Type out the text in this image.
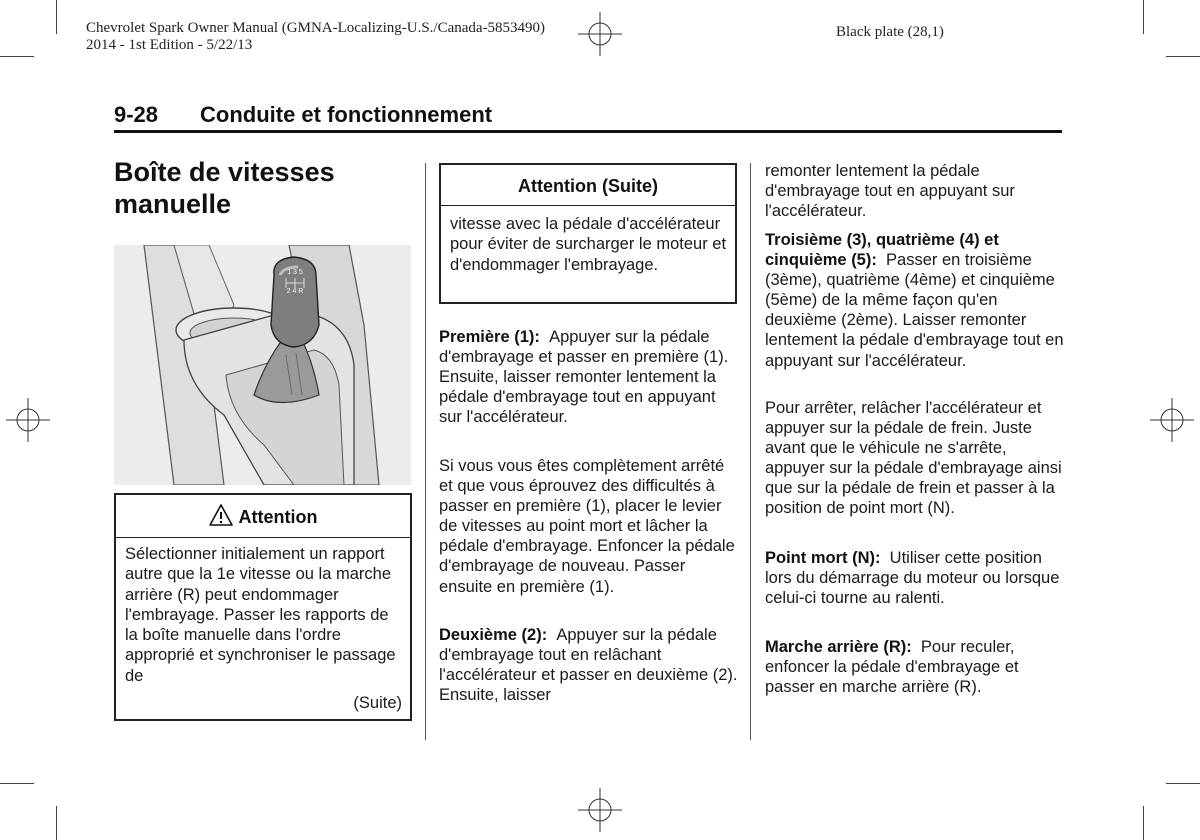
Chevrolet Spark Owner Manual (GMNA-Localizing-U.S./Canada-5853490)
2014 - 1st Edition - 5/22/13
Black plate (28,1)
9-28 Conduite et fonctionnement
Boîte de vitesses manuelle
1 3 5
2 4 R
Attention
Sélectionner initialement un rapport autre que la 1e vitesse ou la marche arrière (R) peut endommager l'embrayage. Passer les rapports de la boîte manuelle dans l'ordre approprié et synchroniser le passage de
(Suite)
Attention (Suite)
vitesse avec la pédale d'accélérateur pour éviter de surcharger le moteur et d'endommager l'embrayage.

Première (1): Appuyer sur la pédale d'embrayage et passer en première (1). Ensuite, laisser remonter lentement la pédale d'embrayage tout en appuyant sur l'accélérateur.

Si vous vous êtes complètement arrêté et que vous éprouvez des difficultés à passer en première (1), placer le levier de vitesses au point mort et lâcher la pédale d'embrayage. Enfoncer la pédale d'embrayage de nouveau. Passer ensuite en première (1).

Deuxième (2): Appuyer sur la pédale d'embrayage tout en relâchant l'accélérateur et passer en deuxième (2). Ensuite, laisser

remonter lentement la pédale d'embrayage tout en appuyant sur l'accélérateur.

Troisième (3), quatrième (4) et cinquième (5): Passer en troisième (3ème), quatrième (4ème) et cinquième (5ème) de la même façon qu'en deuxième (2ème). Laisser remonter lentement la pédale d'embrayage tout en appuyant sur l'accélérateur.

Pour arrêter, relâcher l'accélérateur et appuyer sur la pédale de frein. Juste avant que le véhicule ne s'arrête, appuyer sur la pédale d'embrayage ainsi que sur la pédale de frein et passer à la position de point mort (N).

Point mort (N): Utiliser cette position lors du démarrage du moteur ou lorsque celui-ci tourne au ralenti.

Marche arrière (R): Pour reculer, enfoncer la pédale d'embrayage et passer en marche arrière (R).
